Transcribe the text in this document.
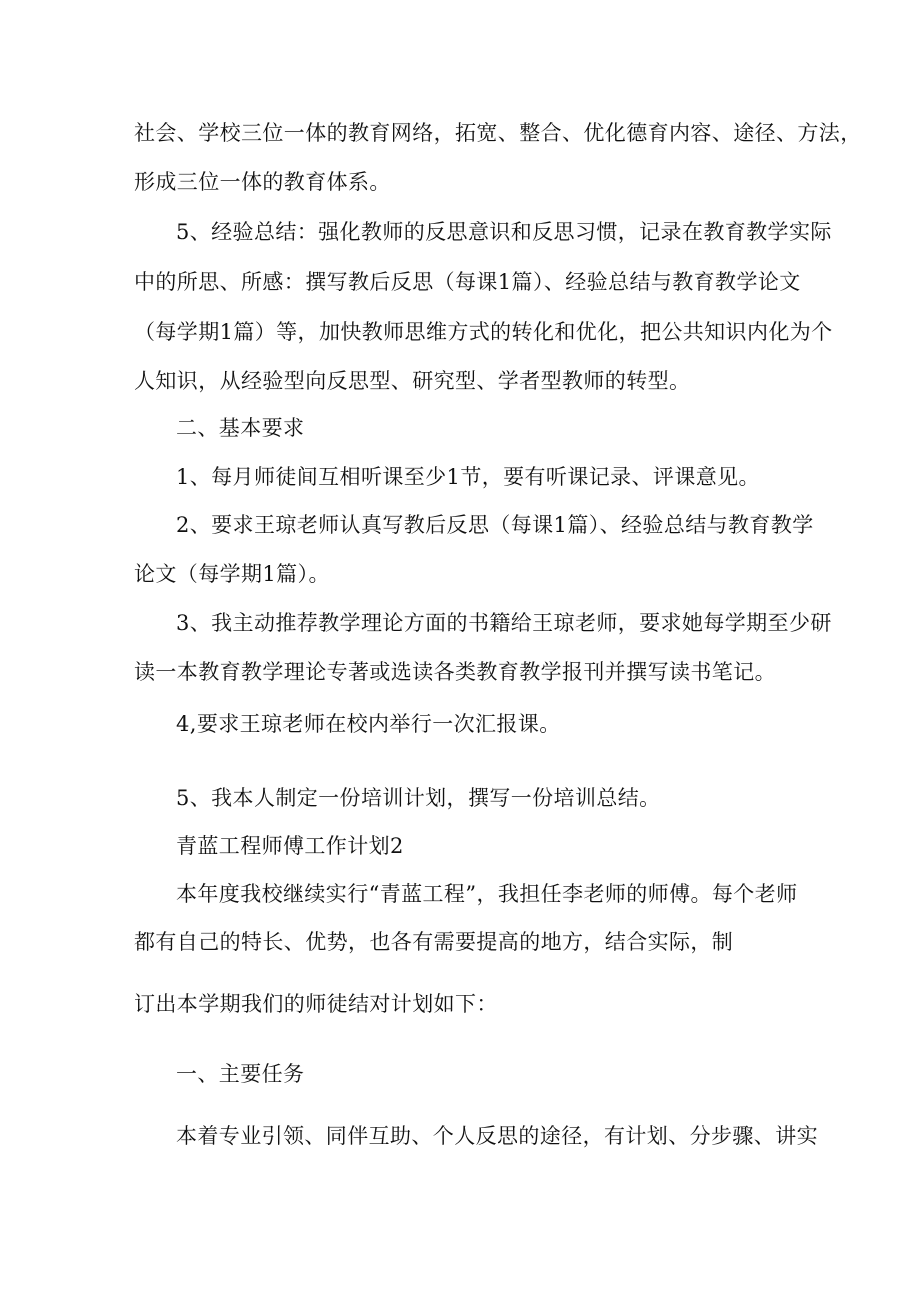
社会、学校三位一体的教育网络，拓宽、整合、优化德育内容、途径、方法，
形成三位一体的教育体系。
5、经验总结：强化教师的反思意识和反思习惯，记录在教育教学实际
中的所思、所感：撰写教后反思（每课1篇）、经验总结与教育教学论文
（每学期1篇）等，加快教师思维方式的转化和优化，把公共知识内化为个
人知识，从经验型向反思型、研究型、学者型教师的转型。
二、基本要求
1、每月师徒间互相听课至少1节，要有听课记录、评课意见。
2、要求王琼老师认真写教后反思（每课1篇）、经验总结与教育教学
论文（每学期1篇）。
3、我主动推荐教学理论方面的书籍给王琼老师，要求她每学期至少研
读一本教育教学理论专著或选读各类教育教学报刊并撰写读书笔记。
4,要求王琼老师在校内举行一次汇报课。
5、我本人制定一份培训计划，撰写一份培训总结。
青蓝工程师傅工作计划2
本年度我校继续实行“青蓝工程”，我担任李老师的师傅。每个老师
都有自己的特长、优势，也各有需要提高的地方，结合实际，制
订出本学期我们的师徒结对计划如下：
一、主要任务
本着专业引领、同伴互助、个人反思的途径，有计划、分步骤、讲实
